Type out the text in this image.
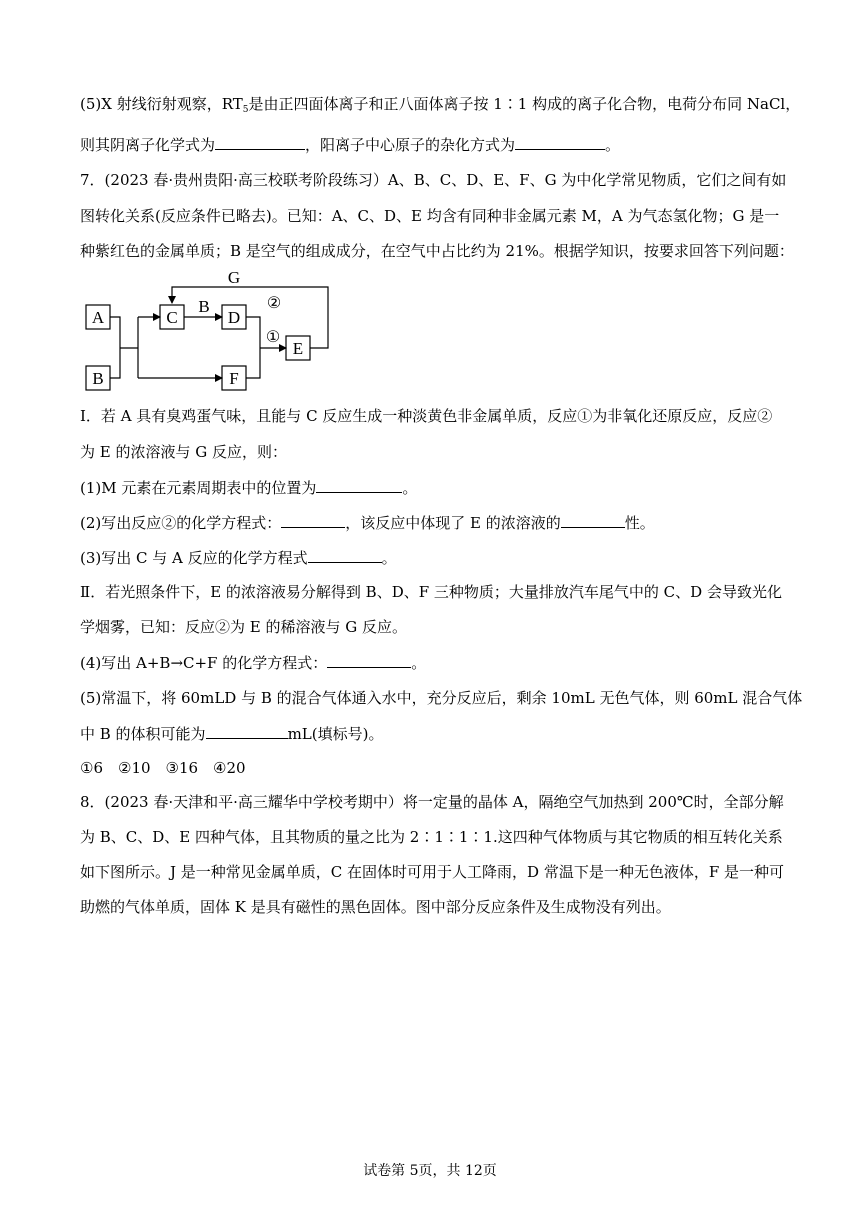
(5)X 射线衍射观察，$RT_5$是由正四面体离子和正八面体离子按 1∶1 构成的离子化合物，电荷分布同 NaCl，
则其阴离子化学式为	，阳离子中心原子的杂化方式为	。
7．(2023 春·贵州贵阳·高三校联考阶段练习）A、B、C、D、E、F、G 为中化学常见物质，它们之间有如
图转化关系(反应条件已略去)。已知：A、C、D、E 均含有同种非金属元素 M，A 为气态氢化物；G 是一
种紫红色的金属单质；B 是空气的组成成分，在空气中占比约为 21%。根据学知识，按要求回答下列问题：
A
B
C	D
E
F
G
B
①
②
I．若 A 具有臭鸡蛋气味，且能与 C 反应生成一种淡黄色非金属单质，反应①为非氧化还原反应，反应②
为 E 的浓溶液与 G 反应，则：
(1)M 元素在元素周期表中的位置为	。
(2)写出反应②的化学方程式：	，该反应中体现了 E 的浓溶液的	性。
(3)写出 C 与 A 反应的化学方程式	。
Ⅱ．若光照条件下，E 的浓溶液易分解得到 B、D、F 三种物质；大量排放汽车尾气中的 C、D 会导致光化
学烟雾，已知：反应②为 E 的稀溶液与 G 反应。
(4)写出 A+B→C+F 的化学方程式：	。
(5)常温下，将 60mLD 与 B 的混合气体通入水中，充分反应后，剩余 10mL 无色气体，则 60mL 混合气体
中 B 的体积可能为	mL(填标号)。
①6　②10　③16　④20
8．(2023 春·天津和平·高三耀华中学校考期中）将一定量的晶体 A，隔绝空气加热到 200℃时，全部分解
为 B、C、D、E 四种气体，且其物质的量之比为 2∶1∶1∶1.这四种气体物质与其它物质的相互转化关系
如下图所示。J 是一种常见金属单质，C 在固体时可用于人工降雨，D 常温下是一种无色液体，F 是一种可
助燃的气体单质，固体 K 是具有磁性的黑色固体。图中部分反应条件及生成物没有列出。
试卷第 5页，共 12页
